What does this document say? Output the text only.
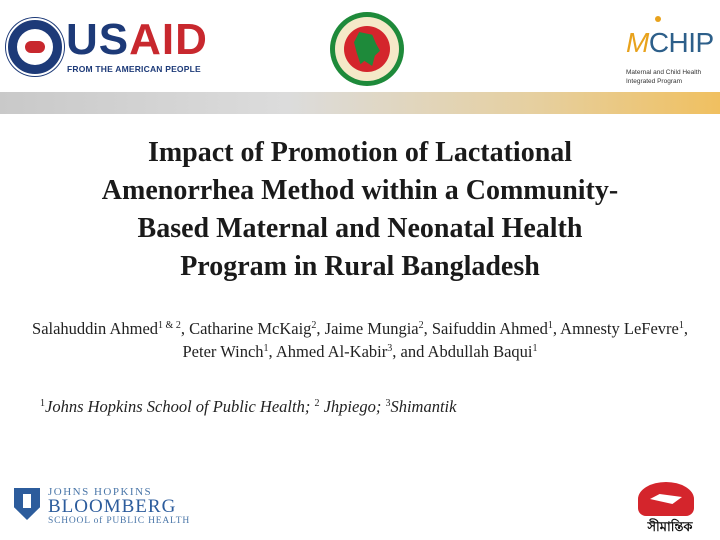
USAID
FROM THE AMERICAN PEOPLE
MCHIP
Maternal and Child Health
Integrated Program
Impact of Promotion of Lactational
Amenorrhea Method within a Community-
Based Maternal and Neonatal Health
Program in Rural Bangladesh
Salahuddin Ahmed$^{1 \& 2}$, Catharine McKaig$^2$, Jaime Mungia$^2$, Saifuddin Ahmed$^1$, Amnesty LeFevre$^1$, Peter Winch$^1$, Ahmed Al-Kabir$^3$, and Abdullah Baqui$^1$
$^1$Johns Hopkins School of Public Health; $^2$ Jhpiego; $^3$Shimantik
JOHNS HOPKINS
BLOOMBERG
SCHOOL of PUBLIC HEALTH	সীমান্তিক
